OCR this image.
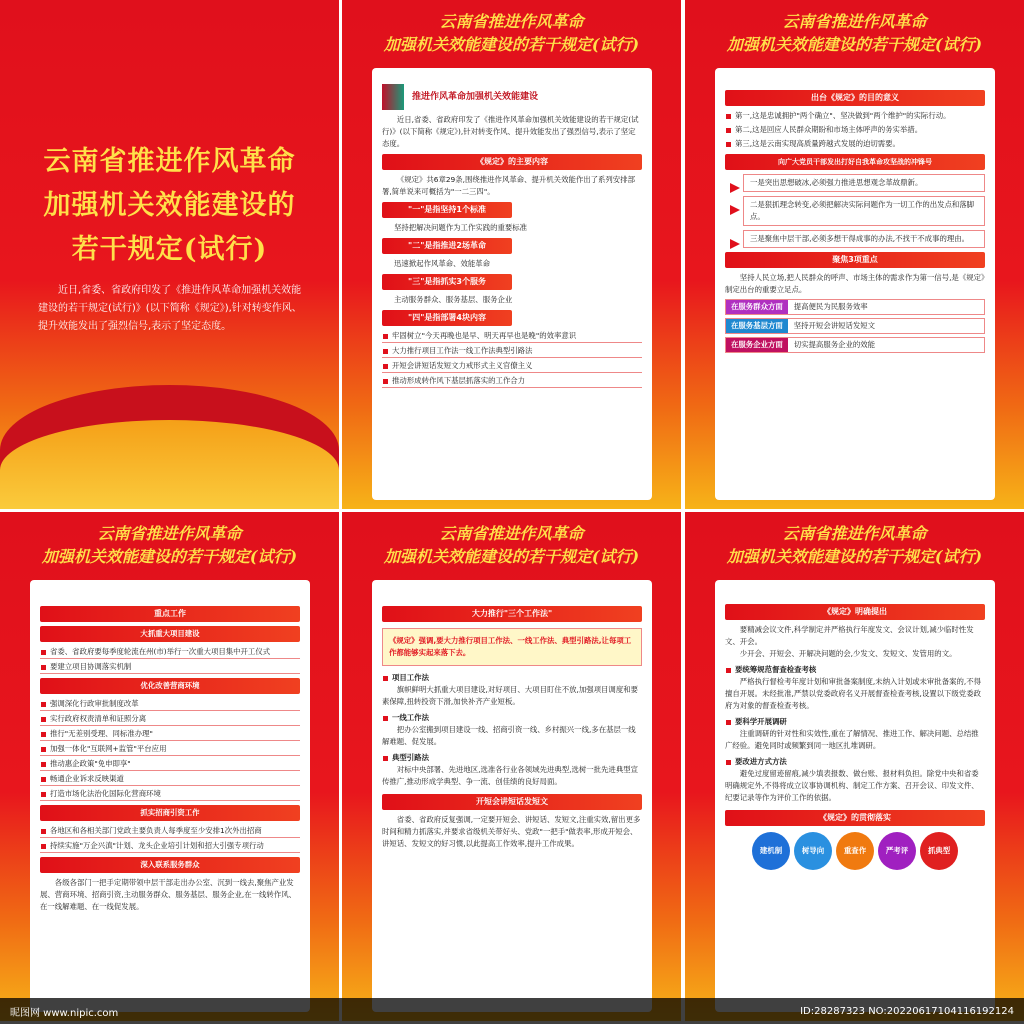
云南省推进作风革命
加强机关效能建设的
若干规定(试行)
近日,省委、省政府印发了《推进作风革命加强机关效能建设的若干规定(试行)》(以下简称《规定》),针对转变作风、提升效能发出了强烈信号,表示了坚定态度。
云南省推进作风革命
加强机关效能建设的若干规定(试行)
推进作风革命加强机关效能建设
近日,省委、省政府印发了《推进作风革命加强机关效能建设的若干规定(试行)》(以下简称《规定》),针对转变作风、提升效能发出了强烈信号,表示了坚定态度。
《规定》的主要内容
《规定》共6章29条,围绕推进作风革命、提升机关效能作出了系列安排部署,简单说来可概括为"一二三四"。
"一"是指坚持1个标准
坚持把解决问题作为工作实践的重要标准
"二"是指推进2场革命
迅速掀起作风革命、效能革命
"三"是指抓实3个服务
主动服务群众、服务基层、服务企业
"四"是指部署4块内容
牢固树立"今天再晚也是早、明天再早也是晚"的效率意识
大力推行项目工作法一线工作法典型引路法
开短会讲短话发短文力戒形式主义官僚主义
推动形成转作风下基层抓落实的工作合力
云南省推进作风革命
加强机关效能建设的若干规定(试行)
出台《规定》的目的意义
第一,这是忠诚拥护"两个确立"、坚决做到"两个维护"的实际行动。
第二,这是回应人民群众期盼和市场主体呼声的务实举措。
第三,这是云南实现高质量跨越式发展的迫切需要。
向广大党员干部发出打好自我革命攻坚战的冲锋号
一是突出思想破冰,必须强力推进思想观念革故鼎新。
二是狠抓理念转变,必须把解决实际问题作为一切工作的出发点和落脚点。
三是聚焦中层干部,必须多想干得成事的办法,不找干不成事的理由。
聚焦3项重点
坚持人民立场,把人民群众的呼声、市场主体的需求作为第一信号,是《规定》制定出台的重要立足点。
在服务群众方面	提高便民为民服务效率
在服务基层方面	坚持开短会讲短话发短文
在服务企业方面	切实提高服务企业的效能
云南省推进作风革命
加强机关效能建设的若干规定(试行)
重点工作
大抓重大项目建设
省委、省政府要每季度轮流在州(市)举行一次重大项目集中开工仪式
要建立项目协调落实机制
优化改善营商环境
强调深化行政审批制度改革
实行政府权责清单和证照分离
推行"无差别受理、同标准办理"
加强一体化"互联网+监管"平台应用
推动惠企政策"免申即享"
畅通企业诉求反映渠道
打造市场化法治化国际化营商环境
抓实招商引资工作
各地区和各相关部门党政主要负责人每季度至少安排1次外出招商
持续实施"万企兴滇"计划、龙头企业培引计划和招大引强专项行动
深入联系服务群众
各级各部门一把手定期带领中层干部走出办公室、沉到一线去,聚焦产业发展、营商环境、招商引资,主动服务群众、服务基层、服务企业,在一线转作风、在一线解难题、在一线促发展。
云南省推进作风革命
加强机关效能建设的若干规定(试行)
大力推行"三个工作法"
《规定》强调,要大力推行项目工作法、一线工作法、典型引路法,让每项工作都能够实起来落下去。
项目工作法
旗帜鲜明大抓重大项目建设,对好项目、大项目盯住不放,加强项目调度和要素保障,扭转投资下滑,加快补齐产业短板。
一线工作法
把办公室搬到项目建设一线、招商引资一线、乡村振兴一线,多在基层一线解难题、促发展。
典型引路法
对标中央部署、先进地区,选准各行业各领域先进典型,选树一批先进典型宣传推广,推动形成学典型、争一流、创佳绩的良好局面。
开短会讲短话发短文
省委、省政府反复强调,一定要开短会、讲短话、发短文,注重实效,留出更多时间和精力抓落实,并要求省级机关带好头、党政"一把手"做表率,形成开短会、讲短话、发短文的好习惯,以此提高工作效率,提升工作成果。
云南省推进作风革命
加强机关效能建设的若干规定(试行)
《规定》明确提出
要精减会议文件,科学制定并严格执行年度发文、会议计划,减少临时性发文、开会。
少开会、开短会、开解决问题的会,少发文、发短文、发管用的文。
要统筹规范督查检查考核
严格执行督检考年度计划和审批备案制度,未纳入计划或未审批备案的,不得擅自开展。未经批准,严禁以党委政府名义开展督查检查考核,设置以下级党委政府为对象的督查检查考核。
要科学开展调研
注重调研的针对性和实效性,重在了解情况、推进工作、解决问题、总结推广经验。避免同时或频繁到同一地区扎堆调研。
要改进方式方法
避免过度留迹留痕,减少填表报数、做台账、报材料负担。除党中央和省委明确规定外,不得将成立议事协调机构、制定工作方案、召开会议、印发文件、纪要记录等作为评价工作的依据。
《规定》的贯彻落实
建机制	树导向	重查作	严考评	抓典型
昵图网 www.nipic.com	ID:28287323 NO:20220617104116192124
